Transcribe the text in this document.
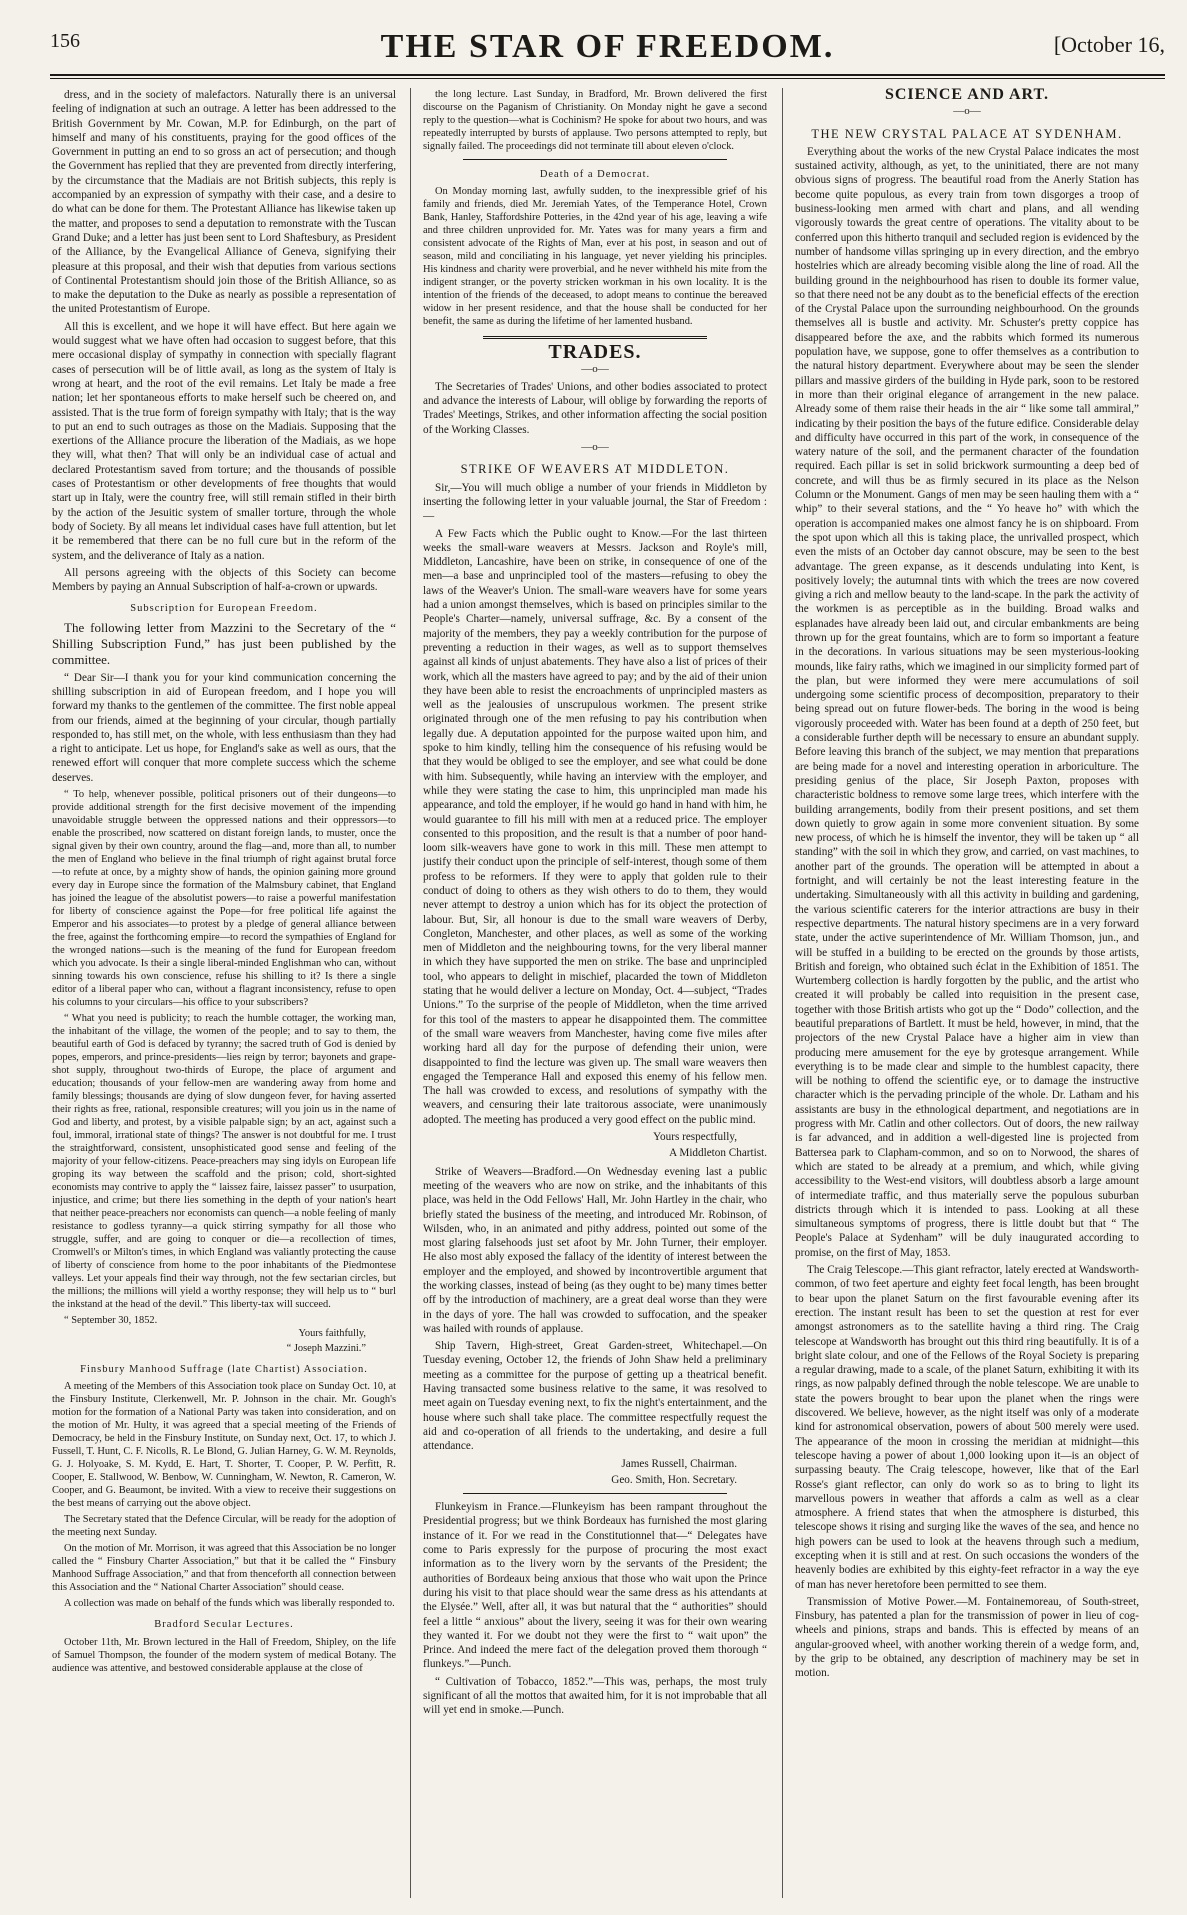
156	THE STAR OF FREEDOM.	[October 16,

dress, and in the society of malefactors. Naturally there is an universal feeling of indignation at such an outrage. A letter has been addressed to the British Government by Mr. Cowan, M.P. for Edinburgh, on the part of himself and many of his constituents, praying for the good offices of the Government in putting an end to so gross an act of persecution; and though the Government has replied that they are prevented from directly interfering, by the circumstance that the Madiais are not British subjects, this reply is accompanied by an expression of sympathy with their case, and a desire to do what can be done for them. The Protestant Alliance has likewise taken up the matter, and proposes to send a deputation to remonstrate with the Tuscan Grand Duke; and a letter has just been sent to Lord Shaftesbury, as President of the Alliance, by the Evangelical Alliance of Geneva, signifying their pleasure at this proposal, and their wish that deputies from various sections of Continental Protestantism should join those of the British Alliance, so as to make the deputation to the Duke as nearly as possible a representation of the united Protestantism of Europe.

All this is excellent, and we hope it will have effect. But here again we would suggest what we have often had occasion to suggest before, that this mere occasional display of sympathy in connection with specially flagrant cases of persecution will be of little avail, as long as the system of Italy is wrong at heart, and the root of the evil remains. Let Italy be made a free nation; let her spontaneous efforts to make herself such be cheered on, and assisted. That is the true form of foreign sympathy with Italy; that is the way to put an end to such outrages as those on the Madiais. Supposing that the exertions of the Alliance procure the liberation of the Madiais, as we hope they will, what then? That will only be an individual case of actual and declared Protestantism saved from torture; and the thousands of possible cases of Protestantism or other developments of free thoughts that would start up in Italy, were the country free, will still remain stifled in their birth by the action of the Jesuitic system of smaller torture, through the whole body of Society. By all means let individual cases have full attention, but let it be remembered that there can be no full cure but in the reform of the system, and the deliverance of Italy as a nation.

All persons agreeing with the objects of this Society can become Members by paying an Annual Subscription of half-a-crown or upwards.

Subscription for European Freedom.

The following letter from Mazzini to the Secretary of the “ Shilling Subscription Fund,” has just been published by the committee.

“ Dear Sir—I thank you for your kind communication concerning the shilling subscription in aid of European freedom, and I hope you will forward my thanks to the gentlemen of the committee. The first noble appeal from our friends, aimed at the beginning of your circular, though partially responded to, has still met, on the whole, with less enthusiasm than they had a right to anticipate. Let us hope, for England's sake as well as ours, that the renewed effort will conquer that more complete success which the scheme deserves.

“ To help, whenever possible, political prisoners out of their dungeons—to provide additional strength for the first decisive movement of the impending unavoidable struggle between the oppressed nations and their oppressors—to enable the proscribed, now scattered on distant foreign lands, to muster, once the signal given by their own country, around the flag—and, more than all, to number the men of England who believe in the final triumph of right against brutal force—to refute at once, by a mighty show of hands, the opinion gaining more ground every day in Europe since the formation of the Malmsbury cabinet, that England has joined the league of the absolutist powers—to raise a powerful manifestation for liberty of conscience against the Pope—for free political life against the Emperor and his associates—to protest by a pledge of general alliance between the free, against the forthcoming empire—to record the sympathies of England for the wronged nations—such is the meaning of the fund for European freedom which you advocate. Is their a single liberal-minded Englishman who can, without sinning towards his own conscience, refuse his shilling to it? Is there a single editor of a liberal paper who can, without a flagrant inconsistency, refuse to open his columns to your circulars—his office to your subscribers?

“ What you need is publicity; to reach the humble cottager, the working man, the inhabitant of the village, the women of the people; and to say to them, the beautiful earth of God is defaced by tyranny; the sacred truth of God is denied by popes, emperors, and prince-presidents—lies reign by terror; bayonets and grape-shot supply, throughout two-thirds of Europe, the place of argument and education; thousands of your fellow-men are wandering away from home and family blessings; thousands are dying of slow dungeon fever, for having asserted their rights as free, rational, responsible creatures; will you join us in the name of God and liberty, and protest, by a visible palpable sign; by an act, against such a foul, immoral, irrational state of things? The answer is not doubtful for me. I trust the straightforward, consistent, unsophisticated good sense and feeling of the majority of your fellow-citizens. Peace-preachers may sing idyls on European life groping its way between the scaffold and the prison; cold, short-sighted economists may contrive to apply the “ laissez faire, laissez passer” to usurpation, injustice, and crime; but there lies something in the depth of your nation's heart that neither peace-preachers nor economists can quench—a noble feeling of manly resistance to godless tyranny—a quick stirring sympathy for all those who struggle, suffer, and are going to conquer or die—a recollection of times, Cromwell's or Milton's times, in which England was valiantly protecting the cause of liberty of conscience from home to the poor inhabitants of the Piedmontese valleys. Let your appeals find their way through, not the few sectarian circles, but the millions; the millions will yield a worthy response; they will help us to “ burl the inkstand at the head of the devil.” This liberty-tax will succeed.

“ September 30, 1852.

Yours faithfully,
“ Joseph Mazzini.”
Finsbury Manhood Suffrage (late Chartist) Association.

A meeting of the Members of this Association took place on Sunday Oct. 10, at the Finsbury Institute, Clerkenwell, Mr. P. Johnson in the chair. Mr. Gough's motion for the formation of a National Party was taken into consideration, and on the motion of Mr. Hulty, it was agreed that a special meeting of the Friends of Democracy, be held in the Finsbury Institute, on Sunday next, Oct. 17, to which J. Fussell, T. Hunt, C. F. Nicolls, R. Le Blond, G. Julian Harney, G. W. M. Reynolds, G. J. Holyoake, S. M. Kydd, E. Hart, T. Shorter, T. Cooper, P. W. Perfitt, R. Cooper, E. Stallwood, W. Benbow, W. Cunningham, W. Newton, R. Cameron, W. Cooper, and G. Beaumont, be invited. With a view to receive their suggestions on the best means of carrying out the above object.

The Secretary stated that the Defence Circular, will be ready for the adoption of the meeting next Sunday.

On the motion of Mr. Morrison, it was agreed that this Association be no longer called the “ Finsbury Charter Association,” but that it be called the “ Finsbury Manhood Suffrage Association,” and that from thenceforth all connection between this Association and the “ National Charter Association” should cease.

A collection was made on behalf of the funds which was liberally responded to.

Bradford Secular Lectures.

October 11th, Mr. Brown lectured in the Hall of Freedom, Shipley, on the life of Samuel Thompson, the founder of the modern system of medical Botany. The audience was attentive, and bestowed considerable applause at the close of

the long lecture. Last Sunday, in Bradford, Mr. Brown delivered the first discourse on the Paganism of Christianity. On Monday night he gave a second reply to the question—what is Cochinism? He spoke for about two hours, and was repeatedly interrupted by bursts of applause. Two persons attempted to reply, but signally failed. The proceedings did not terminate till about eleven o'clock.

Death of a Democrat.

On Monday morning last, awfully sudden, to the inexpressible grief of his family and friends, died Mr. Jeremiah Yates, of the Temperance Hotel, Crown Bank, Hanley, Staffordshire Potteries, in the 42nd year of his age, leaving a wife and three children unprovided for. Mr. Yates was for many years a firm and consistent advocate of the Rights of Man, ever at his post, in season and out of season, mild and conciliating in his language, yet never yielding his principles. His kindness and charity were proverbial, and he never withheld his mite from the indigent stranger, or the poverty stricken workman in his own locality. It is the intention of the friends of the deceased, to adopt means to continue the bereaved widow in her present residence, and that the house shall be conducted for her benefit, the same as during the lifetime of her lamented husband.

TRADES.
—o—

The Secretaries of Trades' Unions, and other bodies associated to protect and advance the interests of Labour, will oblige by forwarding the reports of Trades' Meetings, Strikes, and other information affecting the social position of the Working Classes.

—o—
STRIKE OF WEAVERS AT MIDDLETON.

Sir,—You will much oblige a number of your friends in Middleton by inserting the following letter in your valuable journal, the Star of Freedom :—

A Few Facts which the Public ought to Know.—For the last thirteen weeks the small-ware weavers at Messrs. Jackson and Royle's mill, Middleton, Lancashire, have been on strike, in consequence of one of the men—a base and unprincipled tool of the masters—refusing to obey the laws of the Weaver's Union. The small-ware weavers have for some years had a union amongst themselves, which is based on principles similar to the People's Charter—namely, universal suffrage, &c. By a consent of the majority of the members, they pay a weekly contribution for the purpose of preventing a reduction in their wages, as well as to support themselves against all kinds of unjust abatements. They have also a list of prices of their work, which all the masters have agreed to pay; and by the aid of their union they have been able to resist the encroachments of unprincipled masters as well as the jealousies of unscrupulous workmen. The present strike originated through one of the men refusing to pay his contribution when legally due. A deputation appointed for the purpose waited upon him, and spoke to him kindly, telling him the consequence of his refusing would be that they would be obliged to see the employer, and see what could be done with him. Subsequently, while having an interview with the employer, and while they were stating the case to him, this unprincipled man made his appearance, and told the employer, if he would go hand in hand with him, he would guarantee to fill his mill with men at a reduced price. The employer consented to this proposition, and the result is that a number of poor hand-loom silk-weavers have gone to work in this mill. These men attempt to justify their conduct upon the principle of self-interest, though some of them profess to be reformers. If they were to apply that golden rule to their conduct of doing to others as they wish others to do to them, they would never attempt to destroy a union which has for its object the protection of labour. But, Sir, all honour is due to the small ware weavers of Derby, Congleton, Manchester, and other places, as well as some of the working men of Middleton and the neighbouring towns, for the very liberal manner in which they have supported the men on strike. The base and unprincipled tool, who appears to delight in mischief, placarded the town of Middleton stating that he would deliver a lecture on Monday, Oct. 4—subject, “Trades Unions.” To the surprise of the people of Middleton, when the time arrived for this tool of the masters to appear he disappointed them. The committee of the small ware weavers from Manchester, having come five miles after working hard all day for the purpose of defending their union, were disappointed to find the lecture was given up. The small ware weavers then engaged the Temperance Hall and exposed this enemy of his fellow men. The hall was crowded to excess, and resolutions of sympathy with the weavers, and censuring their late traitorous associate, were unanimously adopted. The meeting has produced a very good effect on the public mind.

Yours respectfully,
A Middleton Chartist.

Strike of Weavers—Bradford.—On Wednesday evening last a public meeting of the weavers who are now on strike, and the inhabitants of this place, was held in the Odd Fellows' Hall, Mr. John Hartley in the chair, who briefly stated the business of the meeting, and introduced Mr. Robinson, of Wilsden, who, in an animated and pithy address, pointed out some of the most glaring falsehoods just set afoot by Mr. John Turner, their employer. He also most ably exposed the fallacy of the identity of interest between the employer and the employed, and showed by incontrovertible argument that the working classes, instead of being (as they ought to be) many times better off by the introduction of machinery, are a great deal worse than they were in the days of yore. The hall was crowded to suffocation, and the speaker was hailed with rounds of applause.

Ship Tavern, High-street, Great Garden-street, Whitechapel.—On Tuesday evening, October 12, the friends of John Shaw held a preliminary meeting as a committee for the purpose of getting up a theatrical benefit. Having transacted some business relative to the same, it was resolved to meet again on Tuesday evening next, to fix the night's entertainment, and the house where such shall take place. The committee respectfully request the aid and co-operation of all friends to the undertaking, and desire a full attendance.

James Russell, Chairman.
Geo. Smith, Hon. Secretary.

Flunkeyism in France.—Flunkeyism has been rampant throughout the Presidential progress; but we think Bordeaux has furnished the most glaring instance of it. For we read in the Constitutionnel that—“ Delegates have come to Paris expressly for the purpose of procuring the most exact information as to the livery worn by the servants of the President; the authorities of Bordeaux being anxious that those who wait upon the Prince during his visit to that place should wear the same dress as his attendants at the Elysée.” Well, after all, it was but natural that the “ authorities” should feel a little “ anxious” about the livery, seeing it was for their own wearing they wanted it. For we doubt not they were the first to “ wait upon” the Prince. And indeed the mere fact of the delegation proved them thorough “ flunkeys.”—Punch.

“ Cultivation of Tobacco, 1852.”—This was, perhaps, the most truly significant of all the mottos that awaited him, for it is not improbable that all will yet end in smoke.—Punch.

SCIENCE AND ART.
—o—
THE NEW CRYSTAL PALACE AT SYDENHAM.

Everything about the works of the new Crystal Palace indicates the most sustained activity, although, as yet, to the uninitiated, there are not many obvious signs of progress. The beautiful road from the Anerly Station has become quite populous, as every train from town disgorges a troop of business-looking men armed with chart and plans, and all wending vigorously towards the great centre of operations. The vitality about to be conferred upon this hitherto tranquil and secluded region is evidenced by the number of handsome villas springing up in every direction, and the embryo hostelries which are already becoming visible along the line of road. All the building ground in the neighbourhood has risen to double its former value, so that there need not be any doubt as to the beneficial effects of the erection of the Crystal Palace upon the surrounding neighbourhood. On the grounds themselves all is bustle and activity. Mr. Schuster's pretty coppice has disappeared before the axe, and the rabbits which formed its numerous population have, we suppose, gone to offer themselves as a contribution to the natural history department. Everywhere about may be seen the slender pillars and massive girders of the building in Hyde park, soon to be restored in more than their original elegance of arrangement in the new palace. Already some of them raise their heads in the air “ like some tall ammiral,” indicating by their position the bays of the future edifice. Considerable delay and difficulty have occurred in this part of the work, in consequence of the watery nature of the soil, and the permanent character of the foundation required. Each pillar is set in solid brickwork surmounting a deep bed of concrete, and will thus be as firmly secured in its place as the Nelson Column or the Monument. Gangs of men may be seen hauling them with a “ whip” to their several stations, and the “ Yo heave ho” with which the operation is accompanied makes one almost fancy he is on shipboard. From the spot upon which all this is taking place, the unrivalled prospect, which even the mists of an October day cannot obscure, may be seen to the best advantage. The green expanse, as it descends undulating into Kent, is positively lovely; the autumnal tints with which the trees are now covered giving a rich and mellow beauty to the land-scape. In the park the activity of the workmen is as perceptible as in the building. Broad walks and esplanades have already been laid out, and circular embankments are being thrown up for the great fountains, which are to form so important a feature in the decorations. In various situations may be seen mysterious-looking mounds, like fairy raths, which we imagined in our simplicity formed part of the plan, but were informed they were mere accumulations of soil undergoing some scientific process of decomposition, preparatory to their being spread out on future flower-beds. The boring in the wood is being vigorously proceeded with. Water has been found at a depth of 250 feet, but a considerable further depth will be necessary to ensure an abundant supply. Before leaving this branch of the subject, we may mention that preparations are being made for a novel and interesting operation in arboriculture. The presiding genius of the place, Sir Joseph Paxton, proposes with characteristic boldness to remove some large trees, which interfere with the building arrangements, bodily from their present positions, and set them down quietly to grow again in some more convenient situation. By some new process, of which he is himself the inventor, they will be taken up “ all standing” with the soil in which they grow, and carried, on vast machines, to another part of the grounds. The operation will be attempted in about a fortnight, and will certainly be not the least interesting feature in the undertaking. Simultaneously with all this activity in building and gardening, the various scientific caterers for the interior attractions are busy in their respective departments. The natural history specimens are in a very forward state, under the active superintendence of Mr. William Thomson, jun., and will be stuffed in a building to be erected on the grounds by those artists, British and foreign, who obtained such éclat in the Exhibition of 1851. The Wurtemberg collection is hardly forgotten by the public, and the artist who created it will probably be called into requisition in the present case, together with those British artists who got up the “ Dodo” collection, and the beautiful preparations of Bartlett. It must be held, however, in mind, that the projectors of the new Crystal Palace have a higher aim in view than producing mere amusement for the eye by grotesque arrangement. While everything is to be made clear and simple to the humblest capacity, there will be nothing to offend the scientific eye, or to damage the instructive character which is the pervading principle of the whole. Dr. Latham and his assistants are busy in the ethnological department, and negotiations are in progress with Mr. Catlin and other collectors. Out of doors, the new railway is far advanced, and in addition a well-digested line is projected from Battersea park to Clapham-common, and so on to Norwood, the shares of which are stated to be already at a premium, and which, while giving accessibility to the West-end visitors, will doubtless absorb a large amount of intermediate traffic, and thus materially serve the populous suburban districts through which it is intended to pass. Looking at all these simultaneous symptoms of progress, there is little doubt but that “ The People's Palace at Sydenham” will be duly inaugurated according to promise, on the first of May, 1853.

The Craig Telescope.—This giant refractor, lately erected at Wandsworth-common, of two feet aperture and eighty feet focal length, has been brought to bear upon the planet Saturn on the first favourable evening after its erection. The instant result has been to set the question at rest for ever amongst astronomers as to the satellite having a third ring. The Craig telescope at Wandsworth has brought out this third ring beautifully. It is of a bright slate colour, and one of the Fellows of the Royal Society is preparing a regular drawing, made to a scale, of the planet Saturn, exhibiting it with its rings, as now palpably defined through the noble telescope. We are unable to state the powers brought to bear upon the planet when the rings were discovered. We believe, however, as the night itself was only of a moderate kind for astronomical observation, powers of about 500 merely were used. The appearance of the moon in crossing the meridian at midnight—this telescope having a power of about 1,000 looking upon it—is an object of surpassing beauty. The Craig telescope, however, like that of the Earl Rosse's giant reflector, can only do work so as to bring to light its marvellous powers in weather that affords a calm as well as a clear atmosphere. A friend states that when the atmosphere is disturbed, this telescope shows it rising and surging like the waves of the sea, and hence no high powers can be used to look at the heavens through such a medium, excepting when it is still and at rest. On such occasions the wonders of the heavenly bodies are exhibited by this eighty-feet refractor in a way the eye of man has never heretofore been permitted to see them.

Transmission of Motive Power.—M. Fontainemoreau, of South-street, Finsbury, has patented a plan for the transmission of power in lieu of cog-wheels and pinions, straps and bands. This is effected by means of an angular-grooved wheel, with another working therein of a wedge form, and, by the grip to be obtained, any description of machinery may be set in motion.
